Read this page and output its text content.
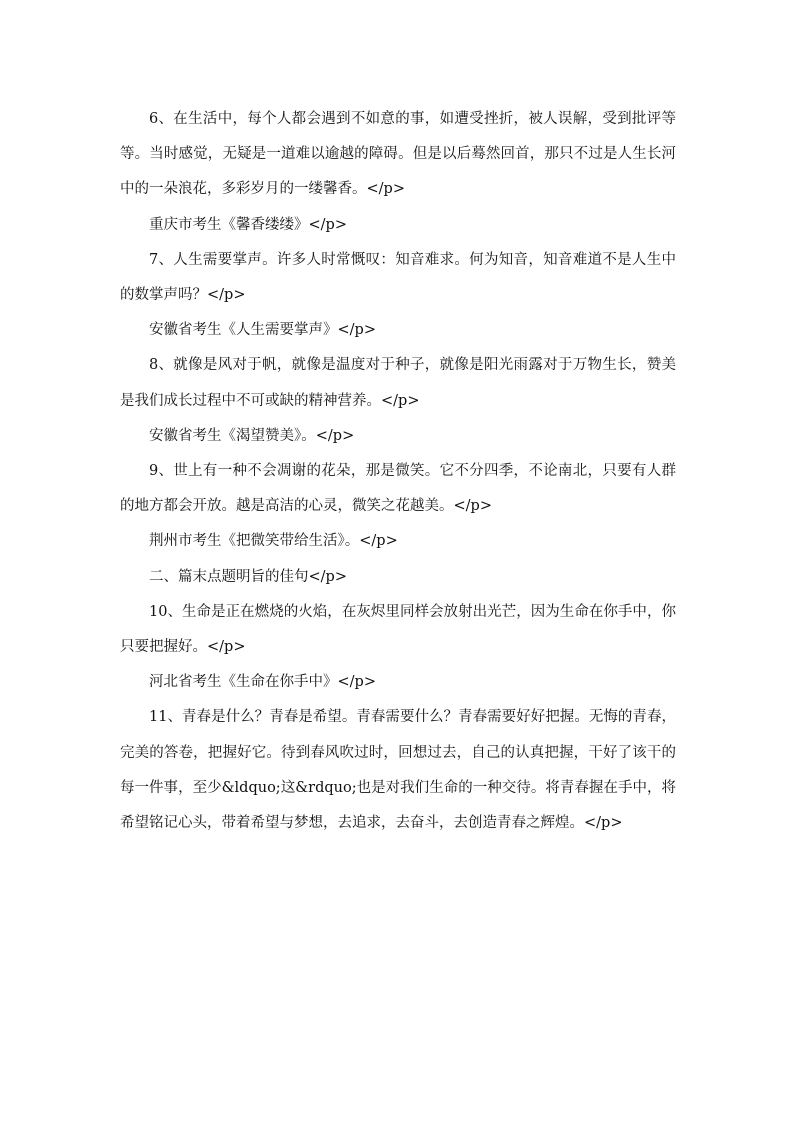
6、在生活中，每个人都会遇到不如意的事，如遭受挫折，被人误解，受到批评等等。当时感觉，无疑是一道难以逾越的障碍。但是以后蓦然回首，那只不过是人生长河中的一朵浪花，多彩岁月的一缕馨香。</p>

重庆市考生《馨香缕缕》</p>

7、人生需要掌声。许多人时常慨叹：知音难求。何为知音，知音难道不是人生中的数掌声吗？</p>

安徽省考生《人生需要掌声》</p>

8、就像是风对于帆，就像是温度对于种子，就像是阳光雨露对于万物生长，赞美是我们成长过程中不可或缺的精神营养。</p>

安徽省考生《渴望赞美》。</p>

9、世上有一种不会凋谢的花朵，那是微笑。它不分四季，不论南北，只要有人群的地方都会开放。越是高洁的心灵，微笑之花越美。</p>

荆州市考生《把微笑带给生活》。</p>

二、篇末点题明旨的佳句</p>

10、生命是正在燃烧的火焰，在灰烬里同样会放射出光芒，因为生命在你手中，你只要把握好。</p>

河北省考生《生命在你手中》</p>

11、青春是什么？青春是希望。青春需要什么？青春需要好好把握。无悔的青春，完美的答卷，把握好它。待到春风吹过时，回想过去，自己的认真把握，干好了该干的每一件事，至少&ldquo;这&rdquo;也是对我们生命的一种交待。将青春握在手中，将希望铭记心头，带着希望与梦想，去追求，去奋斗，去创造青春之辉煌。</p>
